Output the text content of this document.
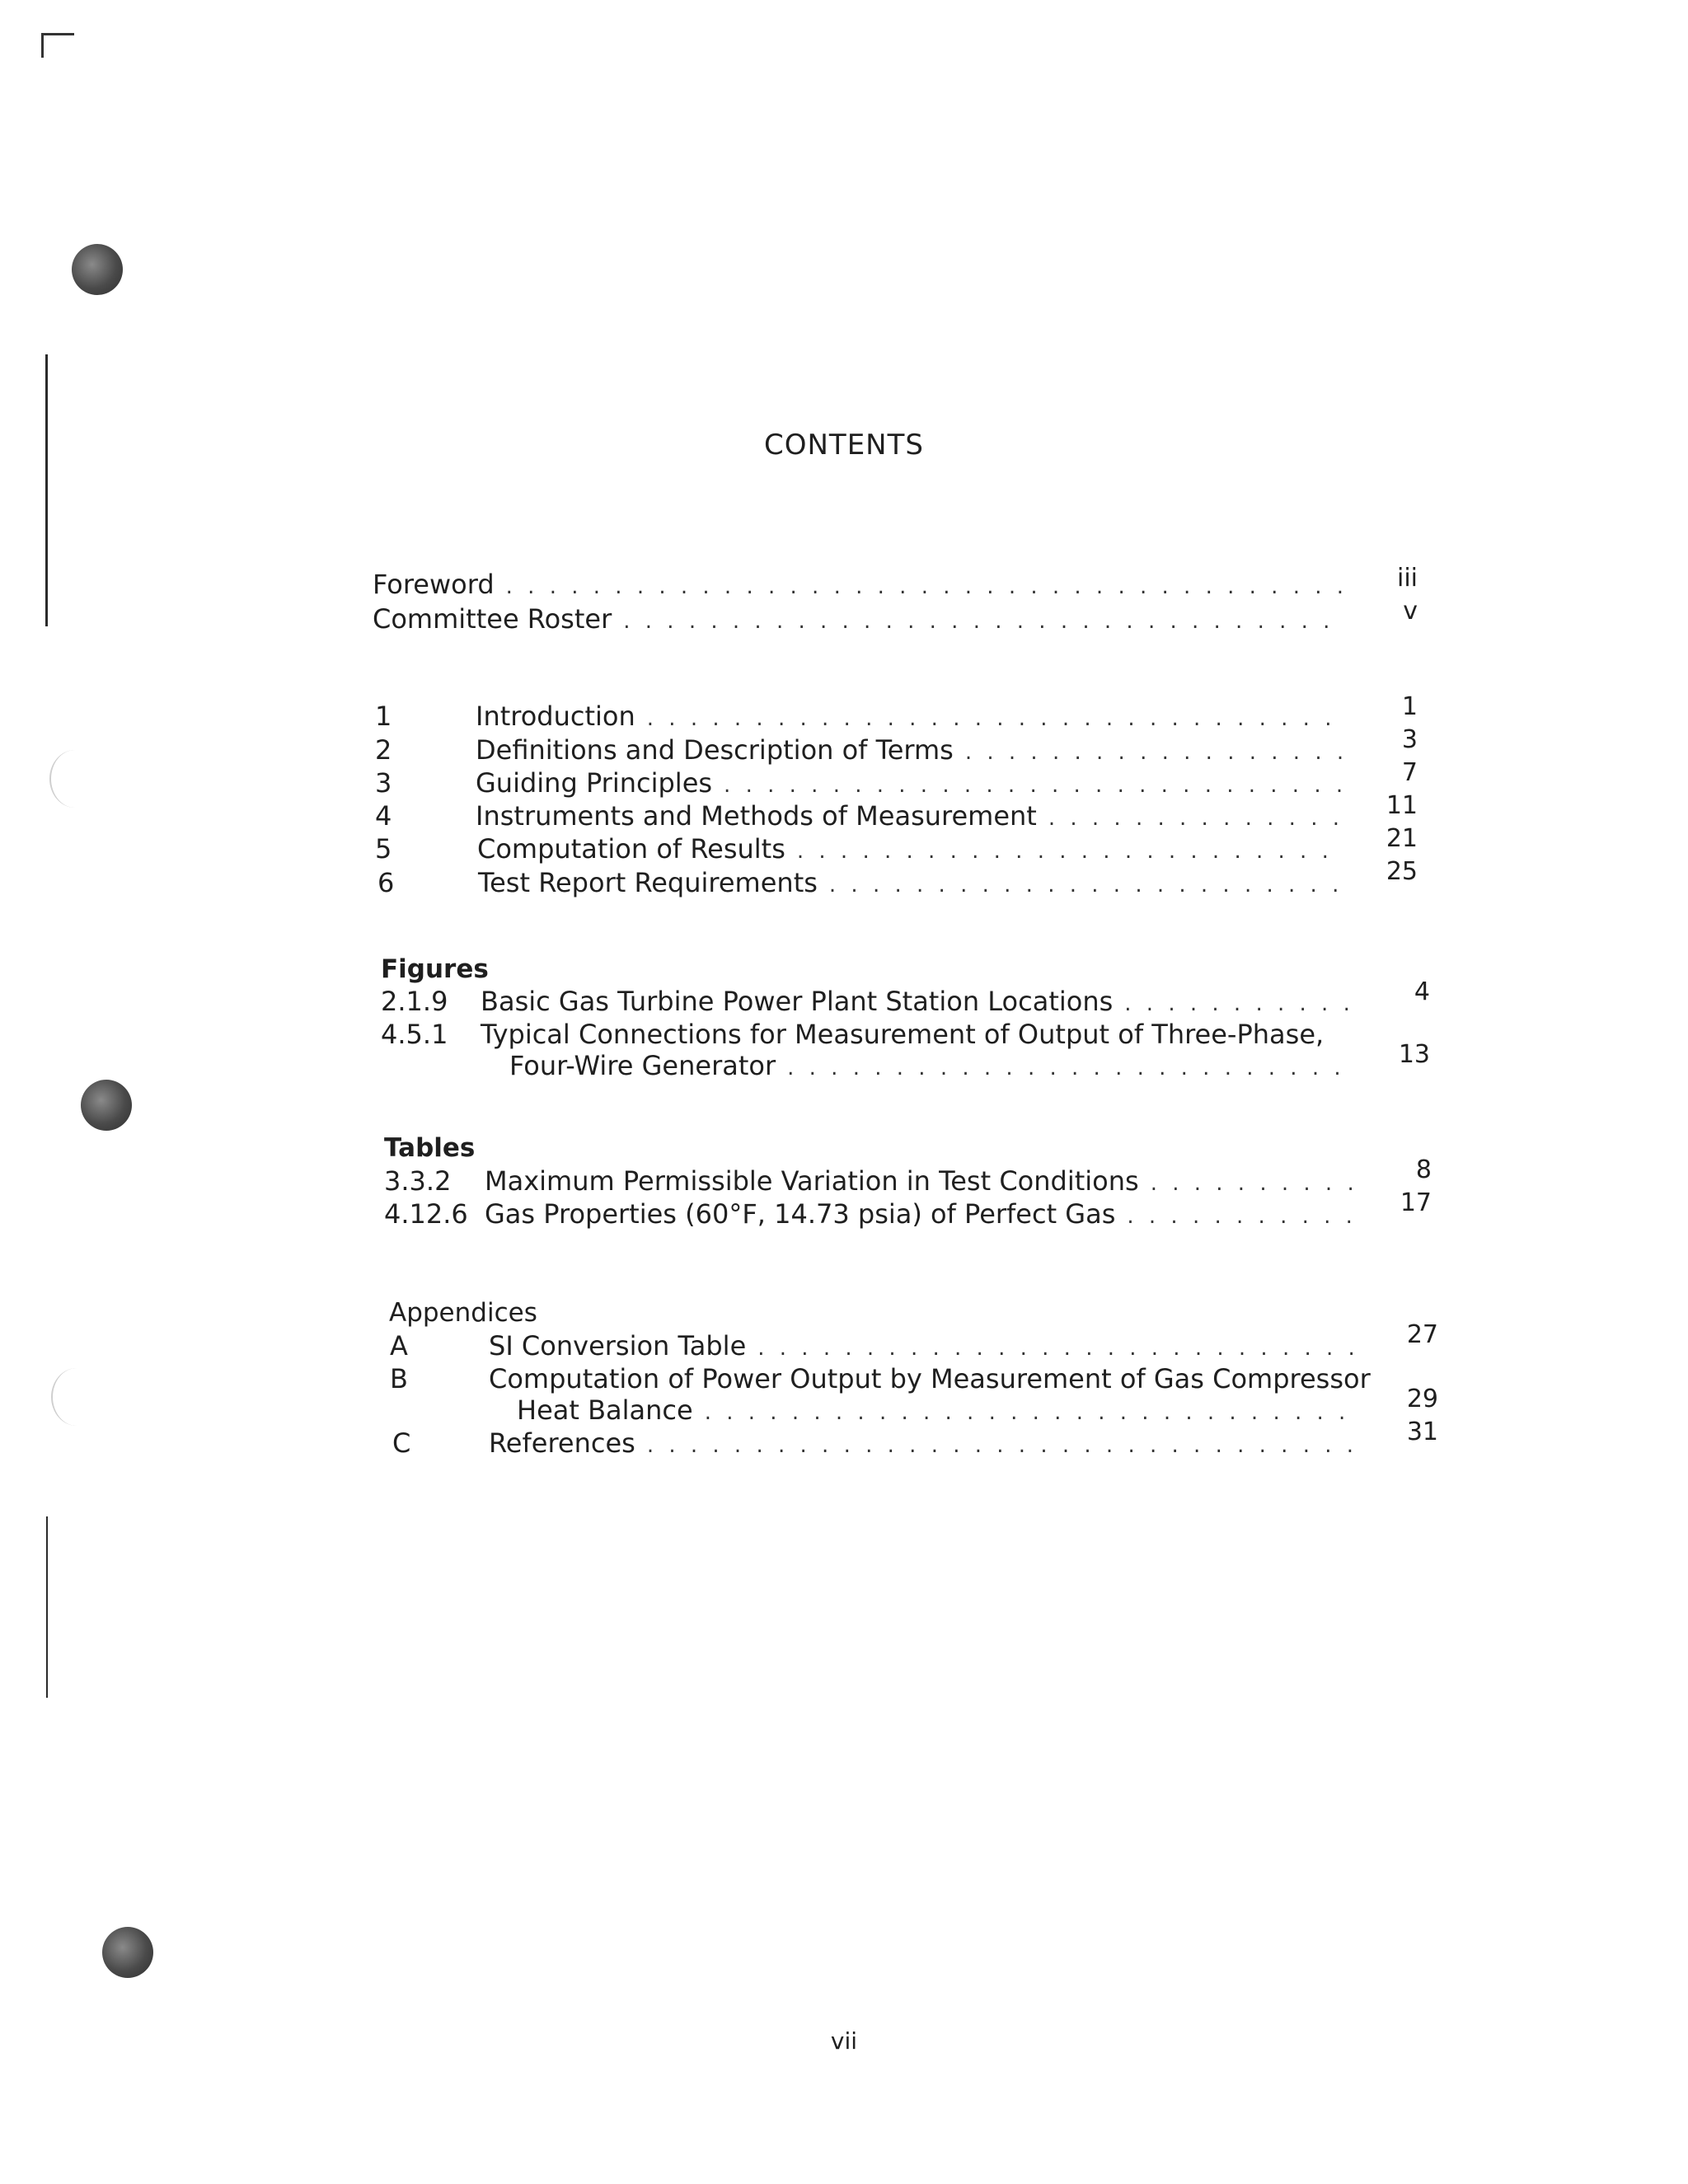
CONTENTS
Foreword . . .	iii
Committee Roster . . .	v
1	Introduction . . .	1
2	Definitions and Description of Terms . . .	3
3	Guiding Principles . . .	7
4	Instruments and Methods of Measurement . . .	11
5	Computation of Results . . .	21
6	Test Report Requirements . . .	25
Figures
2.1.9	Basic Gas Turbine Power Plant Station Locations . . .	4
4.5.1	Typical Connections for Measurement of Output of Three-Phase,
Four-Wire Generator . . .	13
Tables
3.3.2	Maximum Permissible Variation in Test Conditions . . .	8
4.12.6 Gas Properties (60°F, 14.73 psia) of Perfect Gas . . .	17
Appendices
A	SI Conversion Table . . .	27
B	Computation of Power Output by Measurement of Gas Compressor
Heat Balance . . .	29
C	References . . .	31
vii
